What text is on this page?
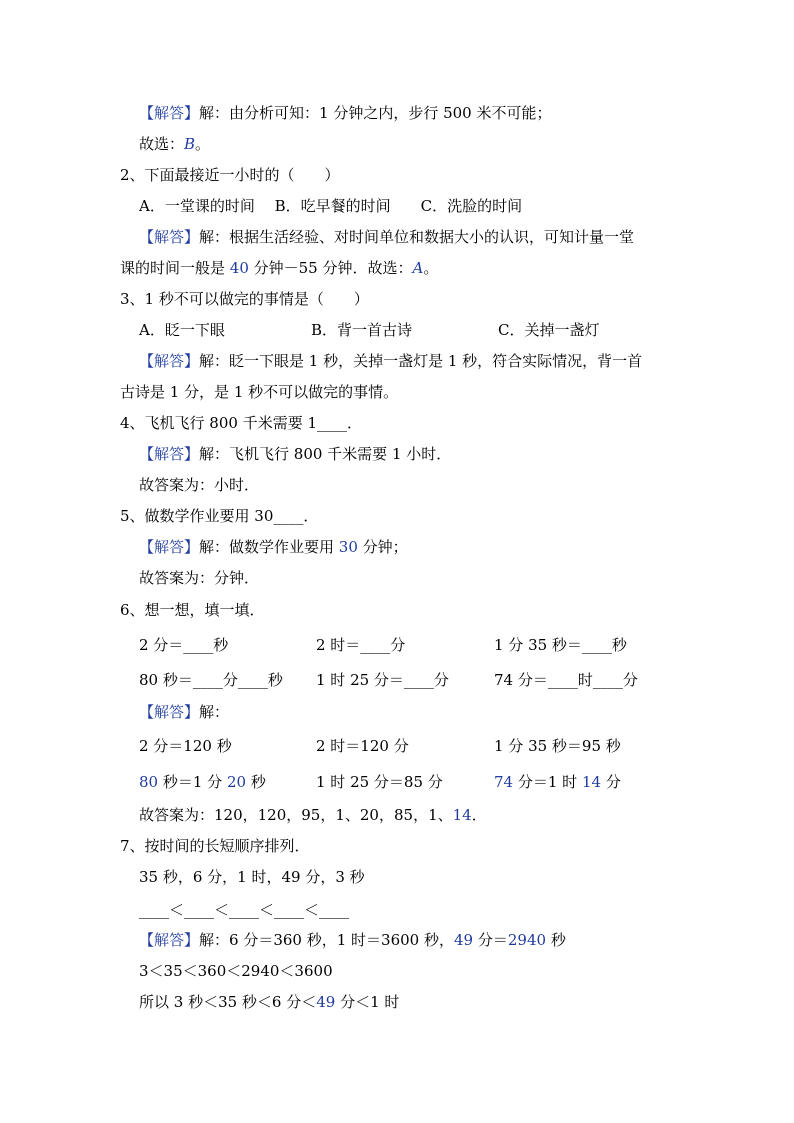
【解答】解：由分析可知：1 分钟之内，步行 500 米不可能；
故选：B。
2、下面最接近一小时的（　　）
A．一堂课的时间　 B．吃早餐的时间　　C．洗脸的时间
【解答】解：根据生活经验、对时间单位和数据大小的认识，可知计量一堂
课的时间一般是 40 分钟－55 分钟．故选：A。
3、1 秒不可以做完的事情是（　　）
A．眨一下眼	B．背一首古诗	C．关掉一盏灯
【解答】解：眨一下眼是 1 秒，关掉一盏灯是 1 秒，符合实际情况，背一首
古诗是 1 分，是 1 秒不可以做完的事情。
4、飞机飞行 800 千米需要 1____．
【解答】解：飞机飞行 800 千米需要 1 小时．
故答案为：小时．
5、做数学作业要用 30____．
【解答】解：做数学作业要用 30 分钟；
故答案为：分钟．
6、想一想，填一填．
2 分＝____秒	2 时＝____分	1 分 35 秒＝____秒
80 秒＝____分____秒 1 时 25 分＝____分	74 分＝____时____分
【解答】解：
2 分＝120 秒	2 时＝120 分	1 分 35 秒＝95 秒
80 秒＝1 分 20 秒	1 时 25 分＝85 分	74 分＝1 时 14 分
故答案为：120，120，95，1、20，85，1、14．
7、按时间的长短顺序排列．
35 秒，6 分，1 时，49 分，3 秒
____＜____＜____＜____＜____
【解答】解：6 分＝360 秒，1 时＝3600 秒，49 分＝2940 秒
3＜35＜360＜2940＜3600
所以 3 秒＜35 秒＜6 分＜49 分＜1 时
